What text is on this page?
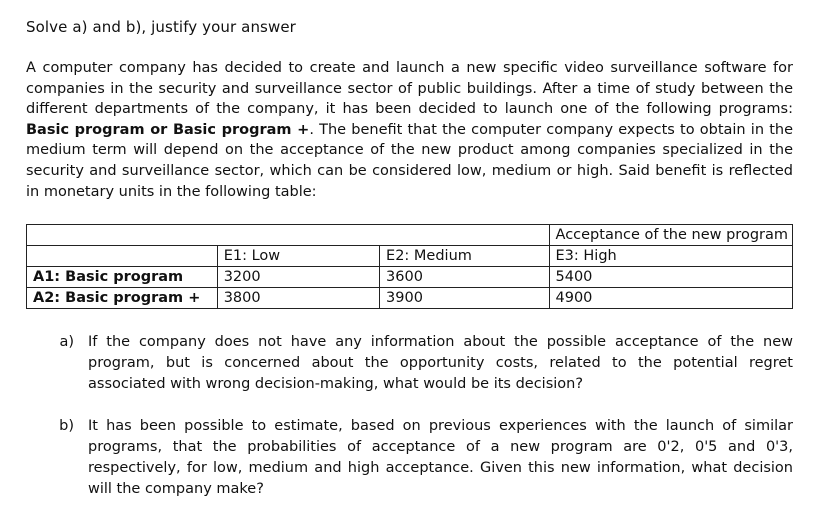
Solve a) and b), justify your answer
A computer company has decided to create and launch a new specific video surveillance software for companies in the security and surveillance sector of public buildings. After a time of study between the different departments of the company, it has been decided to launch one of the following programs: Basic program or Basic program +. The benefit that the computer company expects to obtain in the medium term will depend on the acceptance of the new product among companies specialized in the security and surveillance sector, which can be considered low, medium or high. Said benefit is reflected in monetary units in the following table:
			Acceptance of the new program
	E1: Low	E2: Medium	E3: High
A1: Basic program	3200	3600	5400
A2: Basic program +	3800	3900	4900
a) If the company does not have any information about the possible acceptance of the new program, but is concerned about the opportunity costs, related to the potential regret associated with wrong decision-making, what would be its decision?
b) It has been possible to estimate, based on previous experiences with the launch of similar programs, that the probabilities of acceptance of a new program are 0'2, 0'5 and 0'3, respectively, for low, medium and high acceptance. Given this new information, what decision will the company make?
